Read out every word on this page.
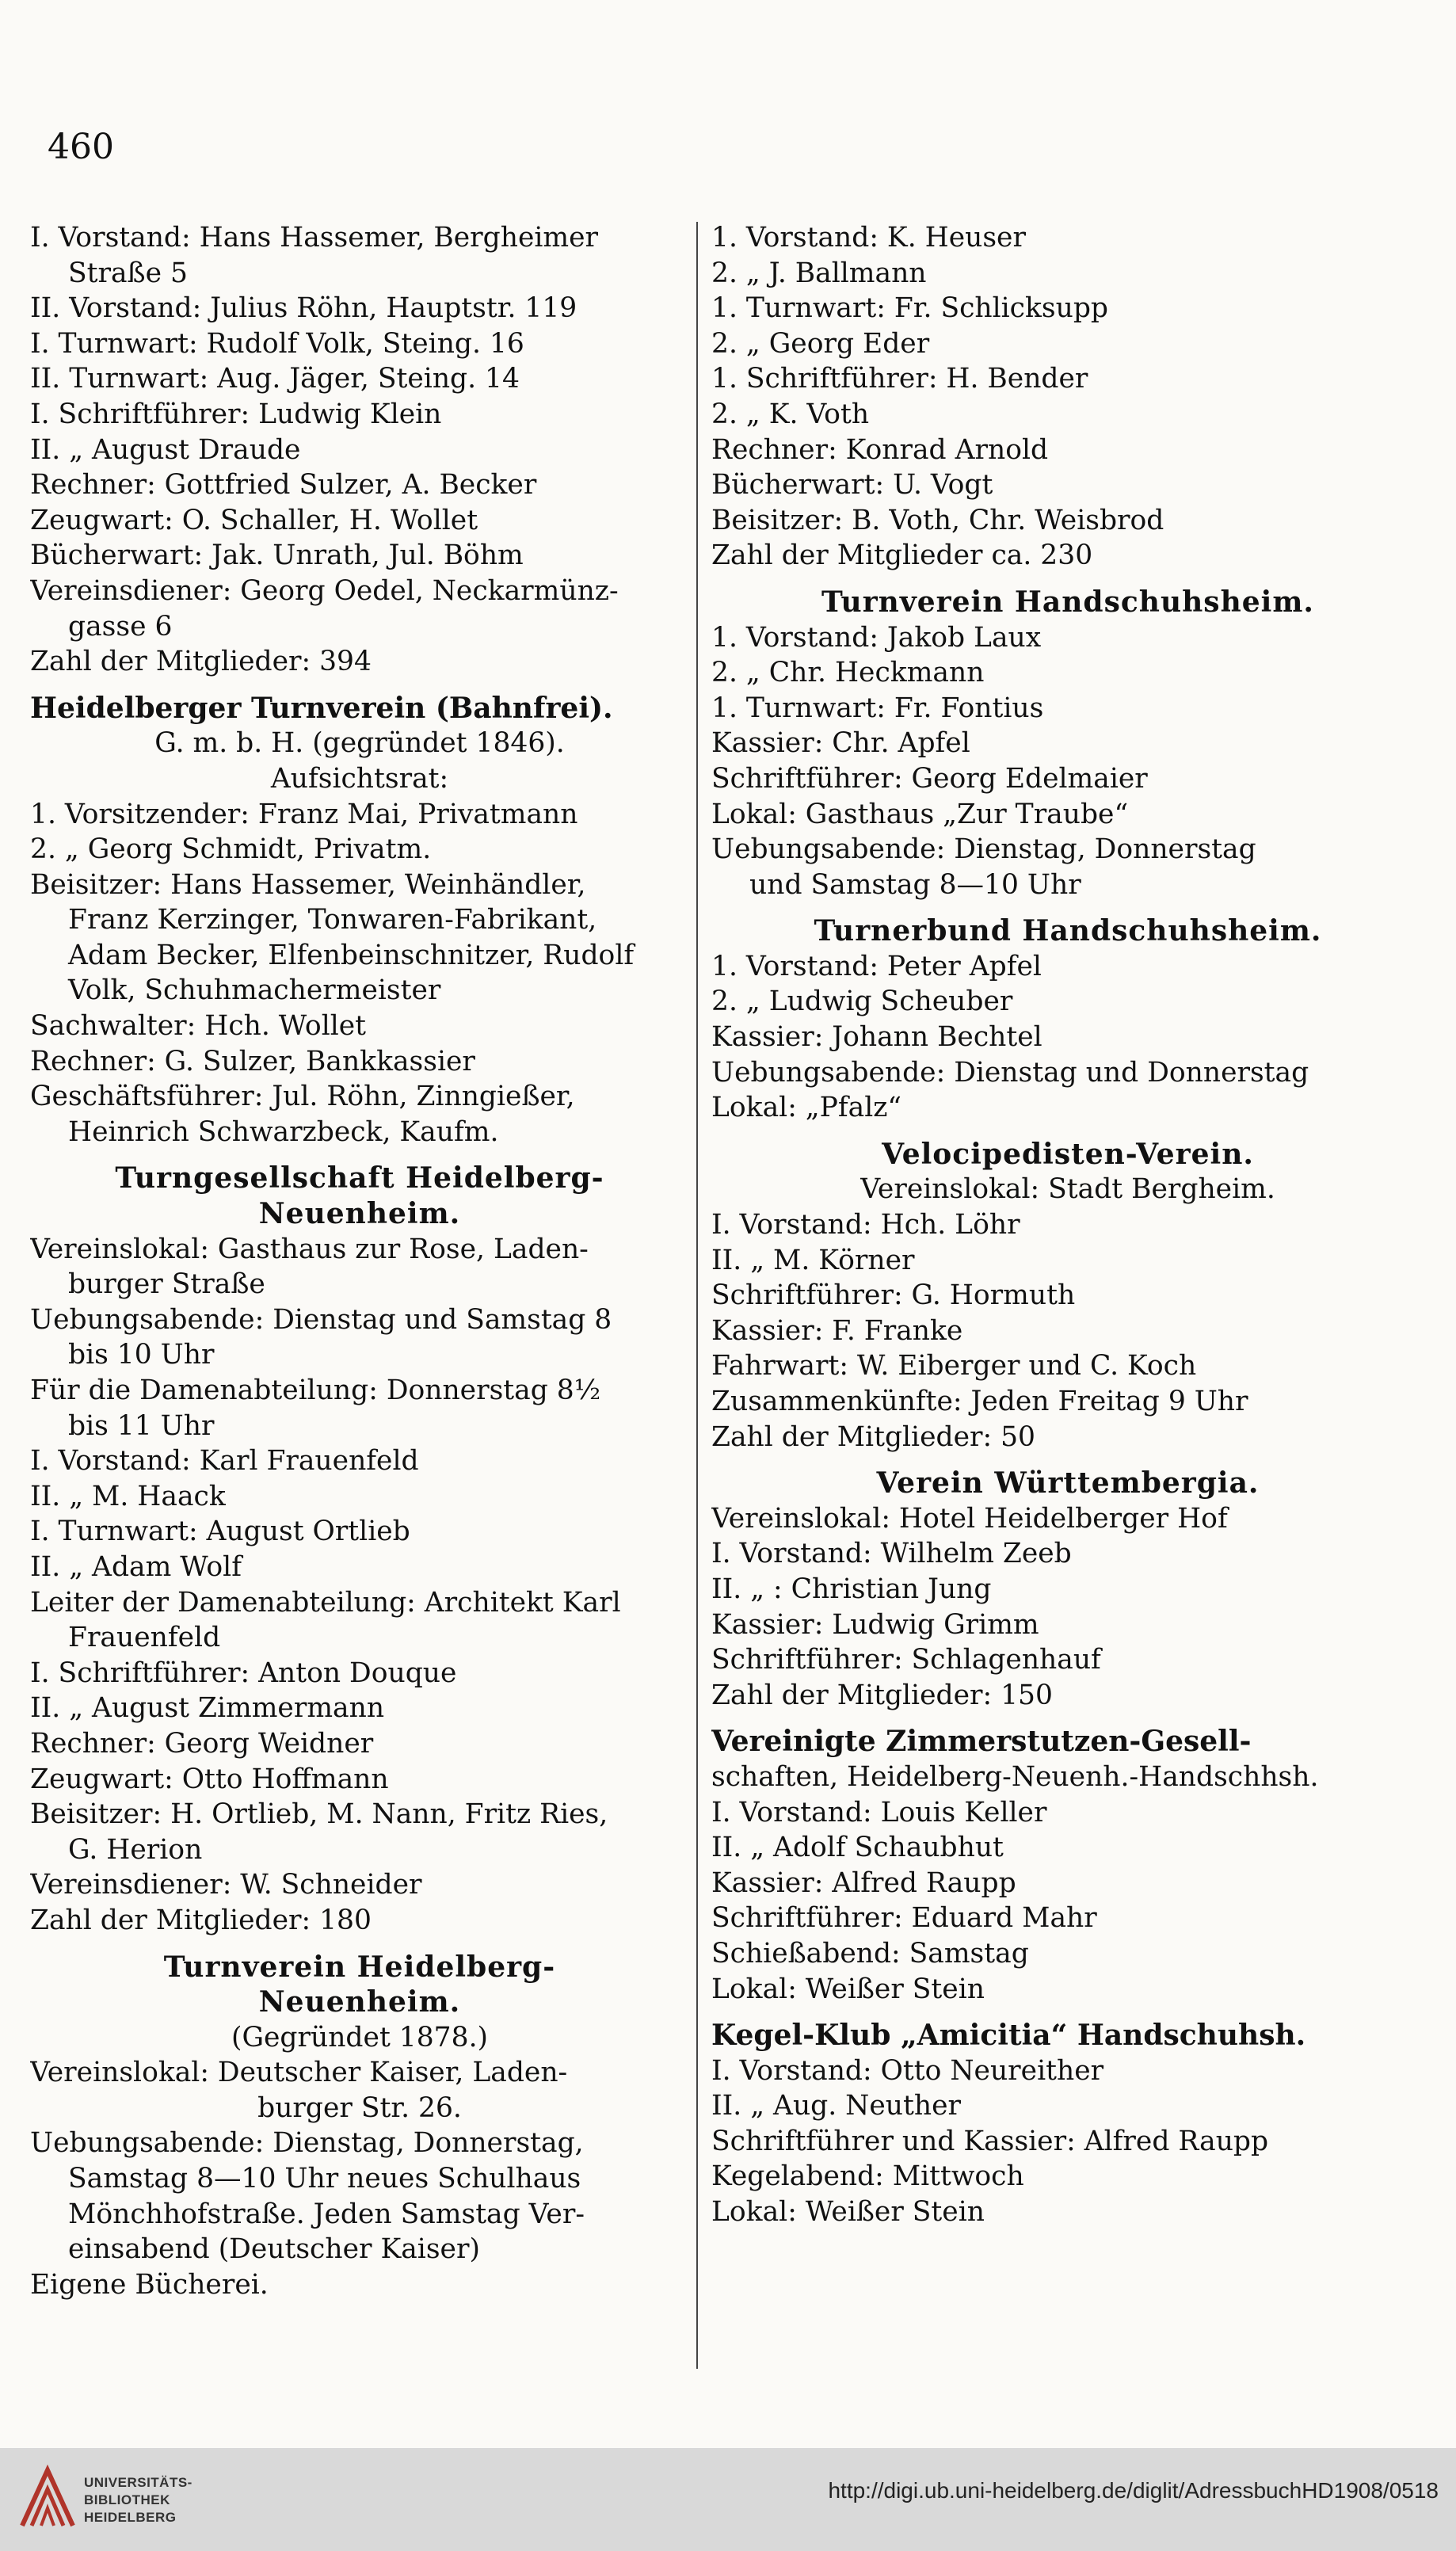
460
I. Vorstand: Hans Hassemer, Bergheimer
Straße 5
II. Vorstand: Julius Röhn, Hauptstr. 119
I. Turnwart: Rudolf Volk, Steing. 16
II. Turnwart: Aug. Jäger, Steing. 14
I. Schriftführer: Ludwig Klein
II. „ August Draude
Rechner: Gottfried Sulzer, A. Becker
Zeugwart: O. Schaller, H. Wollet
Bücherwart: Jak. Unrath, Jul. Böhm
Vereinsdiener: Georg Oedel, Neckarmünz-
gasse 6
Zahl der Mitglieder: 394
Heidelberger Turnverein (Bahnfrei).
G. m. b. H. (gegründet 1846).
Aufsichtsrat:
1. Vorsitzender: Franz Mai, Privatmann
2. „ Georg Schmidt, Privatm.
Beisitzer: Hans Hassemer, Weinhändler,
Franz Kerzinger, Tonwaren-Fabrikant,
Adam Becker, Elfenbeinschnitzer, Rudolf
Volk, Schuhmachermeister
Sachwalter: Hch. Wollet
Rechner: G. Sulzer, Bankkassier
Geschäftsführer: Jul. Röhn, Zinngießer,
Heinrich Schwarzbeck, Kaufm.
Turngesellschaft Heidelberg-
Neuenheim.
Vereinslokal: Gasthaus zur Rose, Laden-
burger Straße
Uebungsabende: Dienstag und Samstag 8
bis 10 Uhr
Für die Damenabteilung: Donnerstag 8½
bis 11 Uhr
I. Vorstand: Karl Frauenfeld
II. „ M. Haack
I. Turnwart: August Ortlieb
II. „ Adam Wolf
Leiter der Damenabteilung: Architekt Karl
Frauenfeld
I. Schriftführer: Anton Douque
II. „ August Zimmermann
Rechner: Georg Weidner
Zeugwart: Otto Hoffmann
Beisitzer: H. Ortlieb, M. Nann, Fritz Ries,
G. Herion
Vereinsdiener: W. Schneider
Zahl der Mitglieder: 180
Turnverein Heidelberg-
Neuenheim.
(Gegründet 1878.)
Vereinslokal: Deutscher Kaiser, Laden-
burger Str. 26.
Uebungsabende: Dienstag, Donnerstag,
Samstag 8—10 Uhr neues Schulhaus
Mönchhofstraße. Jeden Samstag Ver-
einsabend (Deutscher Kaiser)
Eigene Bücherei.
1. Vorstand: K. Heuser
2. „ J. Ballmann
1. Turnwart: Fr. Schlicksupp
2. „ Georg Eder
1. Schriftführer: H. Bender
2. „ K. Voth
Rechner: Konrad Arnold
Bücherwart: U. Vogt
Beisitzer: B. Voth, Chr. Weisbrod
Zahl der Mitglieder ca. 230
Turnverein Handschuhsheim.
1. Vorstand: Jakob Laux
2. „ Chr. Heckmann
1. Turnwart: Fr. Fontius
Kassier: Chr. Apfel
Schriftführer: Georg Edelmaier
Lokal: Gasthaus „Zur Traube“
Uebungsabende: Dienstag, Donnerstag
und Samstag 8—10 Uhr
Turnerbund Handschuhsheim.
1. Vorstand: Peter Apfel
2. „ Ludwig Scheuber
Kassier: Johann Bechtel
Uebungsabende: Dienstag und Donnerstag
Lokal: „Pfalz“
Velocipedisten-Verein.
Vereinslokal: Stadt Bergheim.
I. Vorstand: Hch. Löhr
II. „ M. Körner
Schriftführer: G. Hormuth
Kassier: F. Franke
Fahrwart: W. Eiberger und C. Koch
Zusammenkünfte: Jeden Freitag 9 Uhr
Zahl der Mitglieder: 50
Verein Württembergia.
Vereinslokal: Hotel Heidelberger Hof
I. Vorstand: Wilhelm Zeeb
II. „ : Christian Jung
Kassier: Ludwig Grimm
Schriftführer: Schlagenhauf
Zahl der Mitglieder: 150
Vereinigte Zimmerstutzen-Gesell-
schaften, Heidelberg-Neuenh.-Handschhsh.
I. Vorstand: Louis Keller
II. „ Adolf Schaubhut
Kassier: Alfred Raupp
Schriftführer: Eduard Mahr
Schießabend: Samstag
Lokal: Weißer Stein
Kegel-Klub „Amicitia“ Handschuhsh.
I. Vorstand: Otto Neureither
II. „ Aug. Neuther
Schriftführer und Kassier: Alfred Raupp
Kegelabend: Mittwoch
Lokal: Weißer Stein
UNIVERSITÄTS-
BIBLIOTHEK
HEIDELBERG
http://digi.ub.uni-heidelberg.de/diglit/AdressbuchHD1908/0518
